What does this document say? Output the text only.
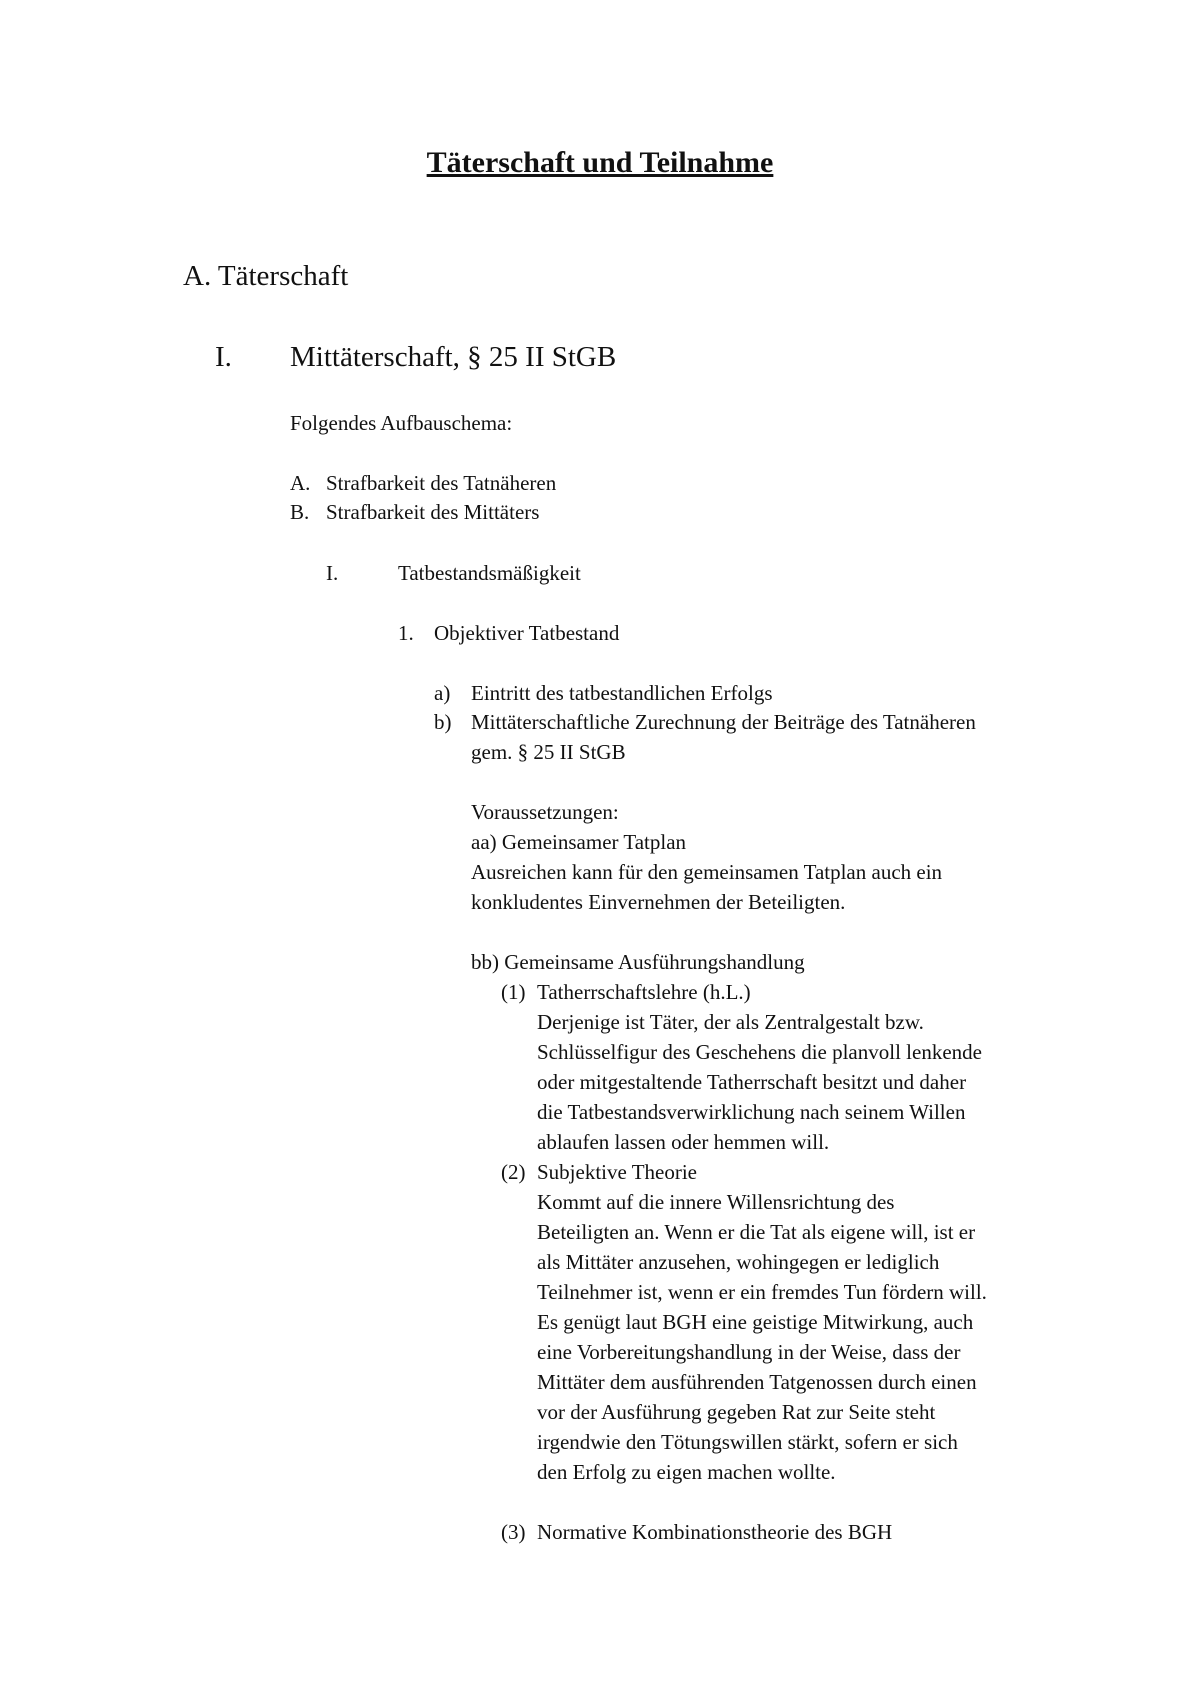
Täterschaft und Teilnahme
A. Täterschaft
I. Mittäterschaft, § 25 II StGB
Folgendes Aufbauschema:
A. Strafbarkeit des Tatnäheren
B. Strafbarkeit des Mittäters
I.	Tatbestandsmäßigkeit
1. Objektiver Tatbestand
a) Eintritt des tatbestandlichen Erfolgs
b) Mittäterschaftliche Zurechnung der Beiträge des Tatnäheren
gem. § 25 II StGB
Voraussetzungen:
aa) Gemeinsamer Tatplan
Ausreichen kann für den gemeinsamen Tatplan auch ein
konkludentes Einvernehmen der Beteiligten.
bb) Gemeinsame Ausführungshandlung
(1) Tatherrschaftslehre (h.L.)
Derjenige ist Täter, der als Zentralgestalt bzw.
Schlüsselfigur des Geschehens die planvoll lenkende
oder mitgestaltende Tatherrschaft besitzt und daher
die Tatbestandsverwirklichung nach seinem Willen
ablaufen lassen oder hemmen will.
(2) Subjektive Theorie
Kommt auf die innere Willensrichtung des
Beteiligten an. Wenn er die Tat als eigene will, ist er
als Mittäter anzusehen, wohingegen er lediglich
Teilnehmer ist, wenn er ein fremdes Tun fördern will.
Es genügt laut BGH eine geistige Mitwirkung, auch
eine Vorbereitungshandlung in der Weise, dass der
Mittäter dem ausführenden Tatgenossen durch einen
vor der Ausführung gegeben Rat zur Seite steht
irgendwie den Tötungswillen stärkt, sofern er sich
den Erfolg zu eigen machen wollte.
(3) Normative Kombinationstheorie des BGH
